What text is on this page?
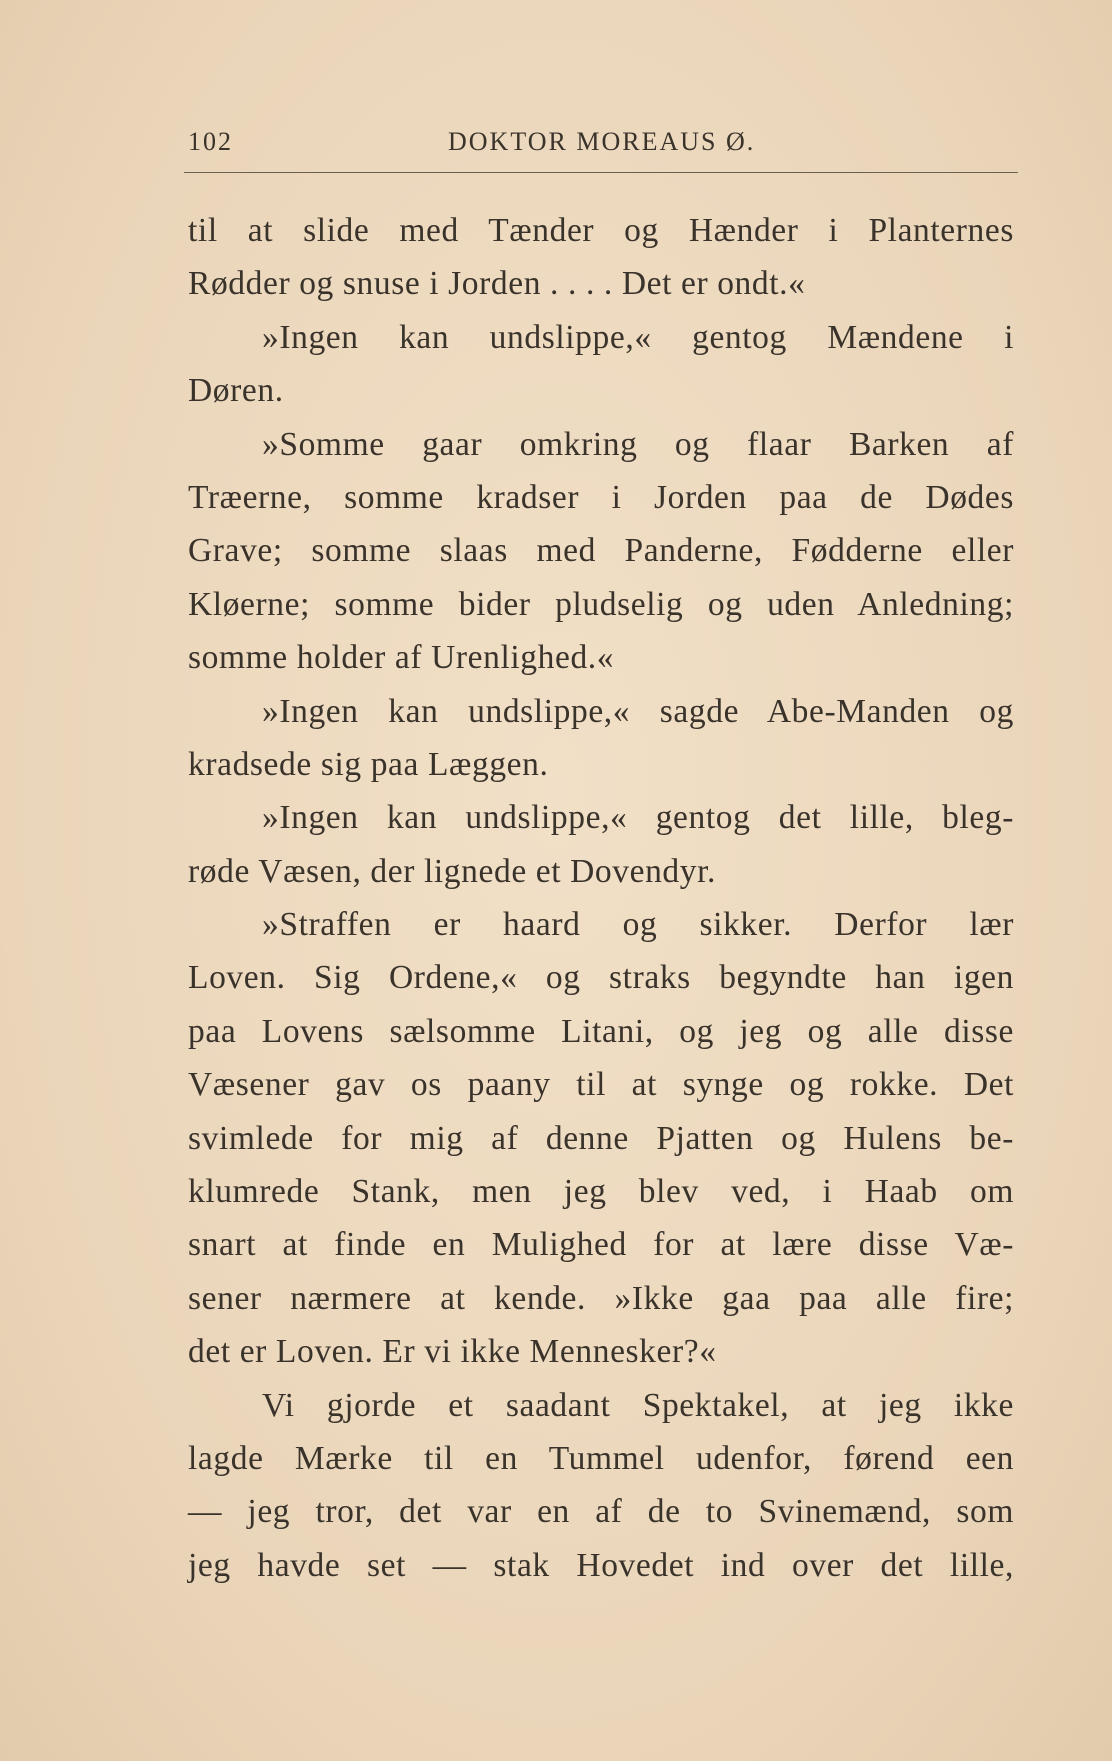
102	DOKTOR MOREAUS Ø.
til at slide med Tænder og Hænder i Planternes
Rødder og snuse i Jorden . . . . Det er ondt.«
»Ingen kan undslippe,« gentog Mændene i
Døren.
»Somme gaar omkring og flaar Barken af
Træerne, somme kradser i Jorden paa de Dødes
Grave; somme slaas med Panderne, Fødderne eller
Kløerne; somme bider pludselig og uden Anledning;
somme holder af Urenlighed.«
»Ingen kan undslippe,« sagde Abe-Manden og
kradsede sig paa Læggen.
»Ingen kan undslippe,« gentog det lille, bleg-
røde Væsen, der lignede et Dovendyr.
»Straffen er haard og sikker. Derfor lær
Loven. Sig Ordene,« og straks begyndte han igen
paa Lovens sælsomme Litani, og jeg og alle disse
Væsener gav os paany til at synge og rokke. Det
svimlede for mig af denne Pjatten og Hulens be-
klumrede Stank, men jeg blev ved, i Haab om
snart at finde en Mulighed for at lære disse Væ-
sener nærmere at kende. »Ikke gaa paa alle fire;
det er Loven. Er vi ikke Mennesker?«
Vi gjorde et saadant Spektakel, at jeg ikke
lagde Mærke til en Tummel udenfor, førend een
— jeg tror, det var en af de to Svinemænd, som
jeg havde set — stak Hovedet ind over det lille,
